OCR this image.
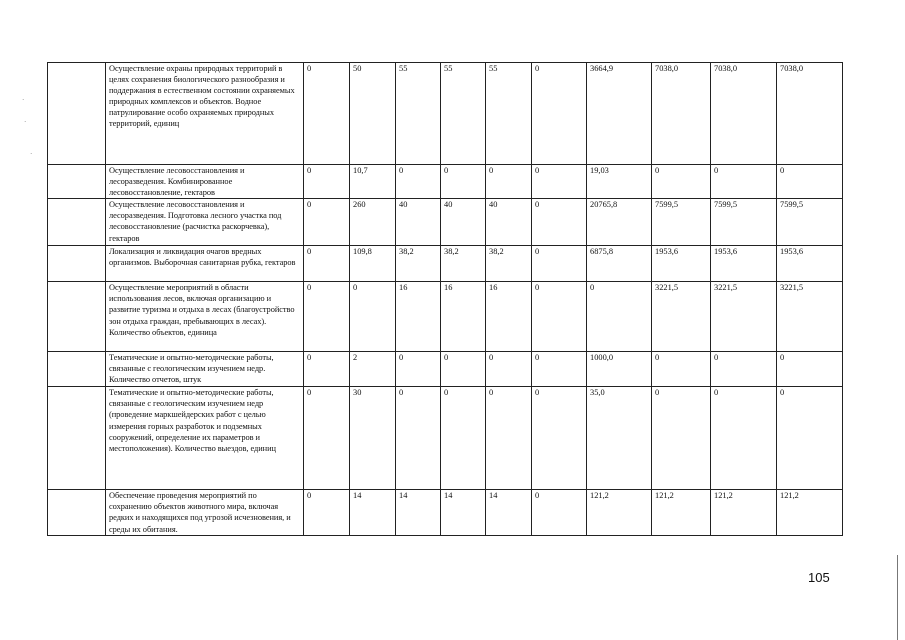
·
·
·
	Осуществление охраны природных территорий в целях сохранения биологического разнообразия и поддержания в естественном состоянии охраняемых природных комплексов и объектов. Водное патрулирование особо охраняемых природных территорий, единиц	0	50	55	55	55	0	3664,9	7038,0	7038,0	7038,0
	Осуществление лесовосстановления и лесоразведения. Комбинированное лесовосстановление, гектаров	0	10,7	0	0	0	0	19,03	0	0	0
	Осуществление лесовосстановления и лесоразведения. Подготовка лесного участка под лесовосстановление (расчистка раскорчевка), гектаров	0	260	40	40	40	0	20765,8	7599,5	7599,5	7599,5
	Локализация и ликвидация очагов вредных организмов. Выборочная санитарная рубка, гектаров	0	109,8	38,2	38,2	38,2	0	6875,8	1953,6	1953,6	1953,6
	Осуществление мероприятий в области использования лесов, включая организацию и развитие туризма и отдыха в лесах (благоустройство зон отдыха граждан, пребывающих в лесах). Количество объектов, единица	0	0	16	16	16	0	0	3221,5	3221,5	3221,5
	Тематические и опытно-методические работы, связанные с геологическим изучением недр. Количество отчетов, штук	0	2	0	0	0	0	1000,0	0	0	0
	Тематические и опытно-методические работы, связанные с геологическим изучением недр (проведение маркшейдерских работ с целью измерения горных разработок и подземных сооружений, определение их параметров и местоположения). Количество выездов, единиц	0	30	0	0	0	0	35,0	0	0	0
	Обеспечение проведения мероприятий по сохранению объектов животного мира, включая редких и находящихся под угрозой исчезновения, и среды их обитания.	0	14	14	14	14	0	121,2	121,2	121,2	121,2
105
